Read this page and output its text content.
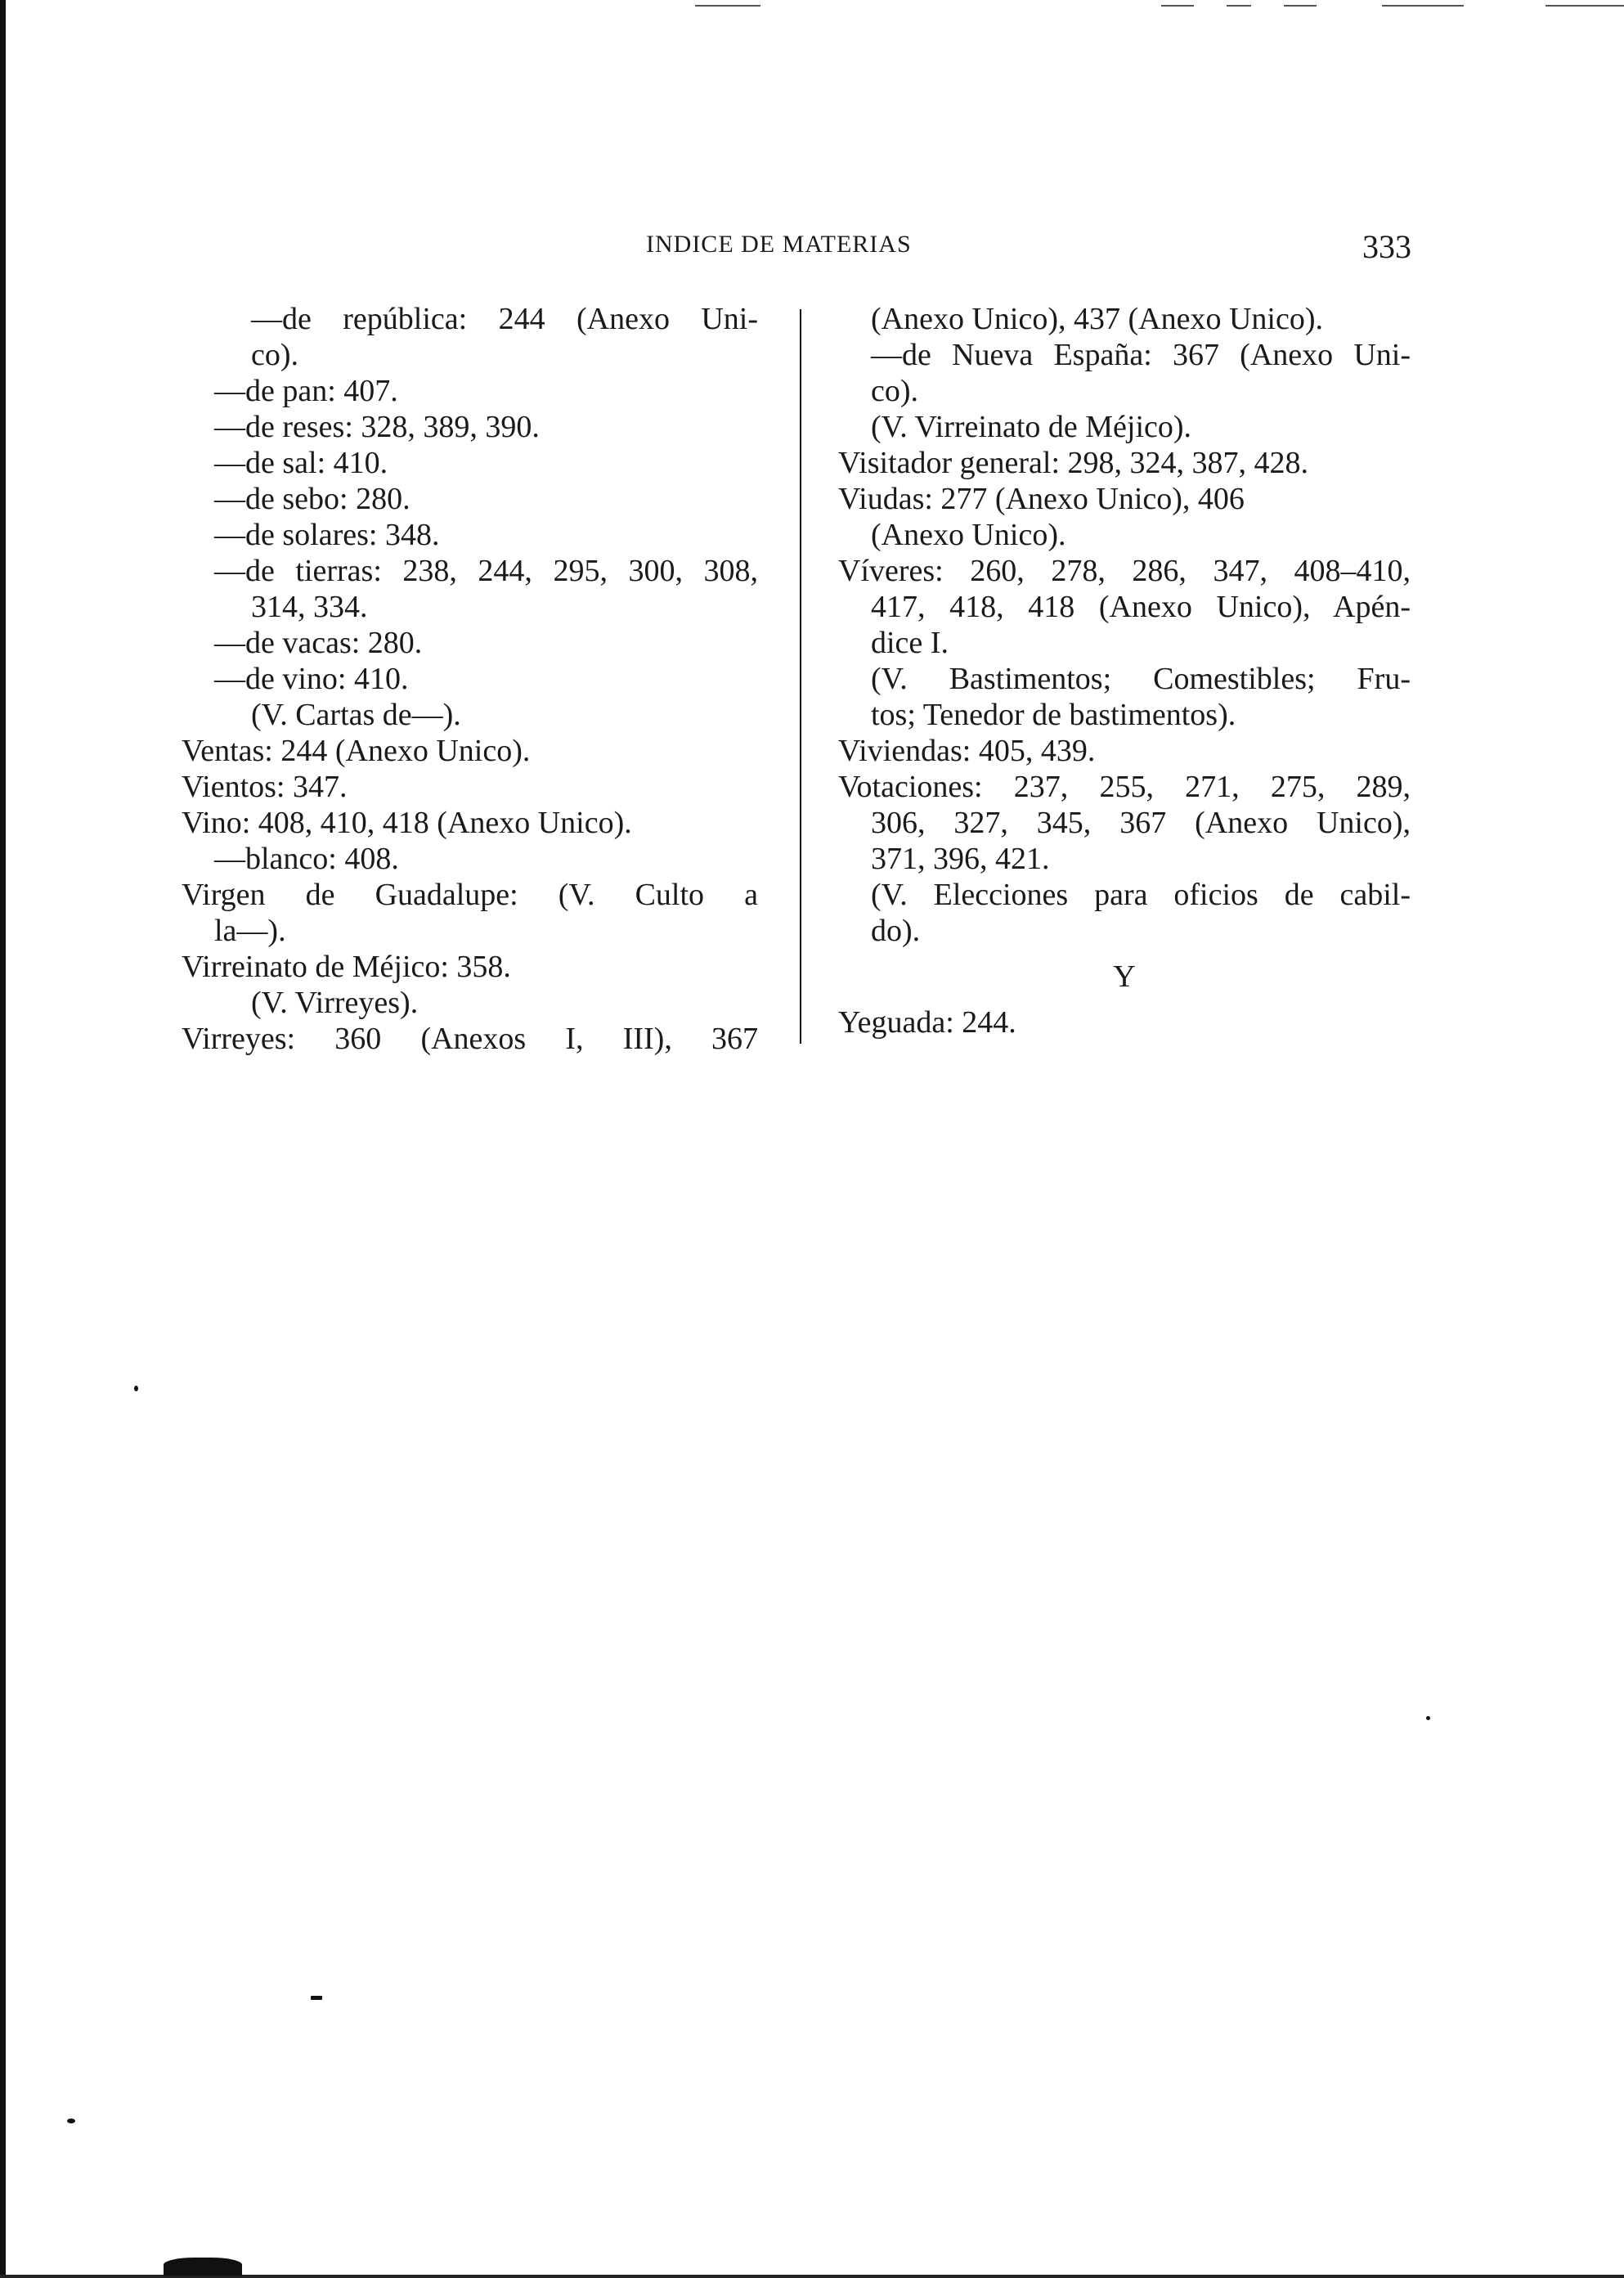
INDICE DE MATERIAS	333
—de república: 244 (Anexo Uni-
co).
—de pan: 407.
—de reses: 328, 389, 390.
—de sal: 410.
—de sebo: 280.
—de solares: 348.
—de tierras: 238, 244, 295, 300, 308,
314, 334.
—de vacas: 280.
—de vino: 410.
(V. Cartas de—).
Ventas: 244 (Anexo Unico).
Vientos: 347.
Vino: 408, 410, 418 (Anexo Unico).
—blanco: 408.
Virgen de Guadalupe: (V. Culto a
la—).
Virreinato de Méjico: 358.
(V. Virreyes).
Virreyes: 360 (Anexos I, III), 367
(Anexo Unico), 437 (Anexo Unico).
—de Nueva España: 367 (Anexo Uni-
co).
(V. Virreinato de Méjico).
Visitador general: 298, 324, 387, 428.
Viudas: 277 (Anexo Unico), 406
(Anexo Unico).
Víveres: 260, 278, 286, 347, 408–410,
417, 418, 418 (Anexo Unico), Apén-
dice I.
(V. Bastimentos; Comestibles; Fru-
tos; Tenedor de bastimentos).
Viviendas: 405, 439.
Votaciones: 237, 255, 271, 275, 289,
306, 327, 345, 367 (Anexo Unico),
371, 396, 421.
(V. Elecciones para oficios de cabil-
do).
Y
Yeguada: 244.
